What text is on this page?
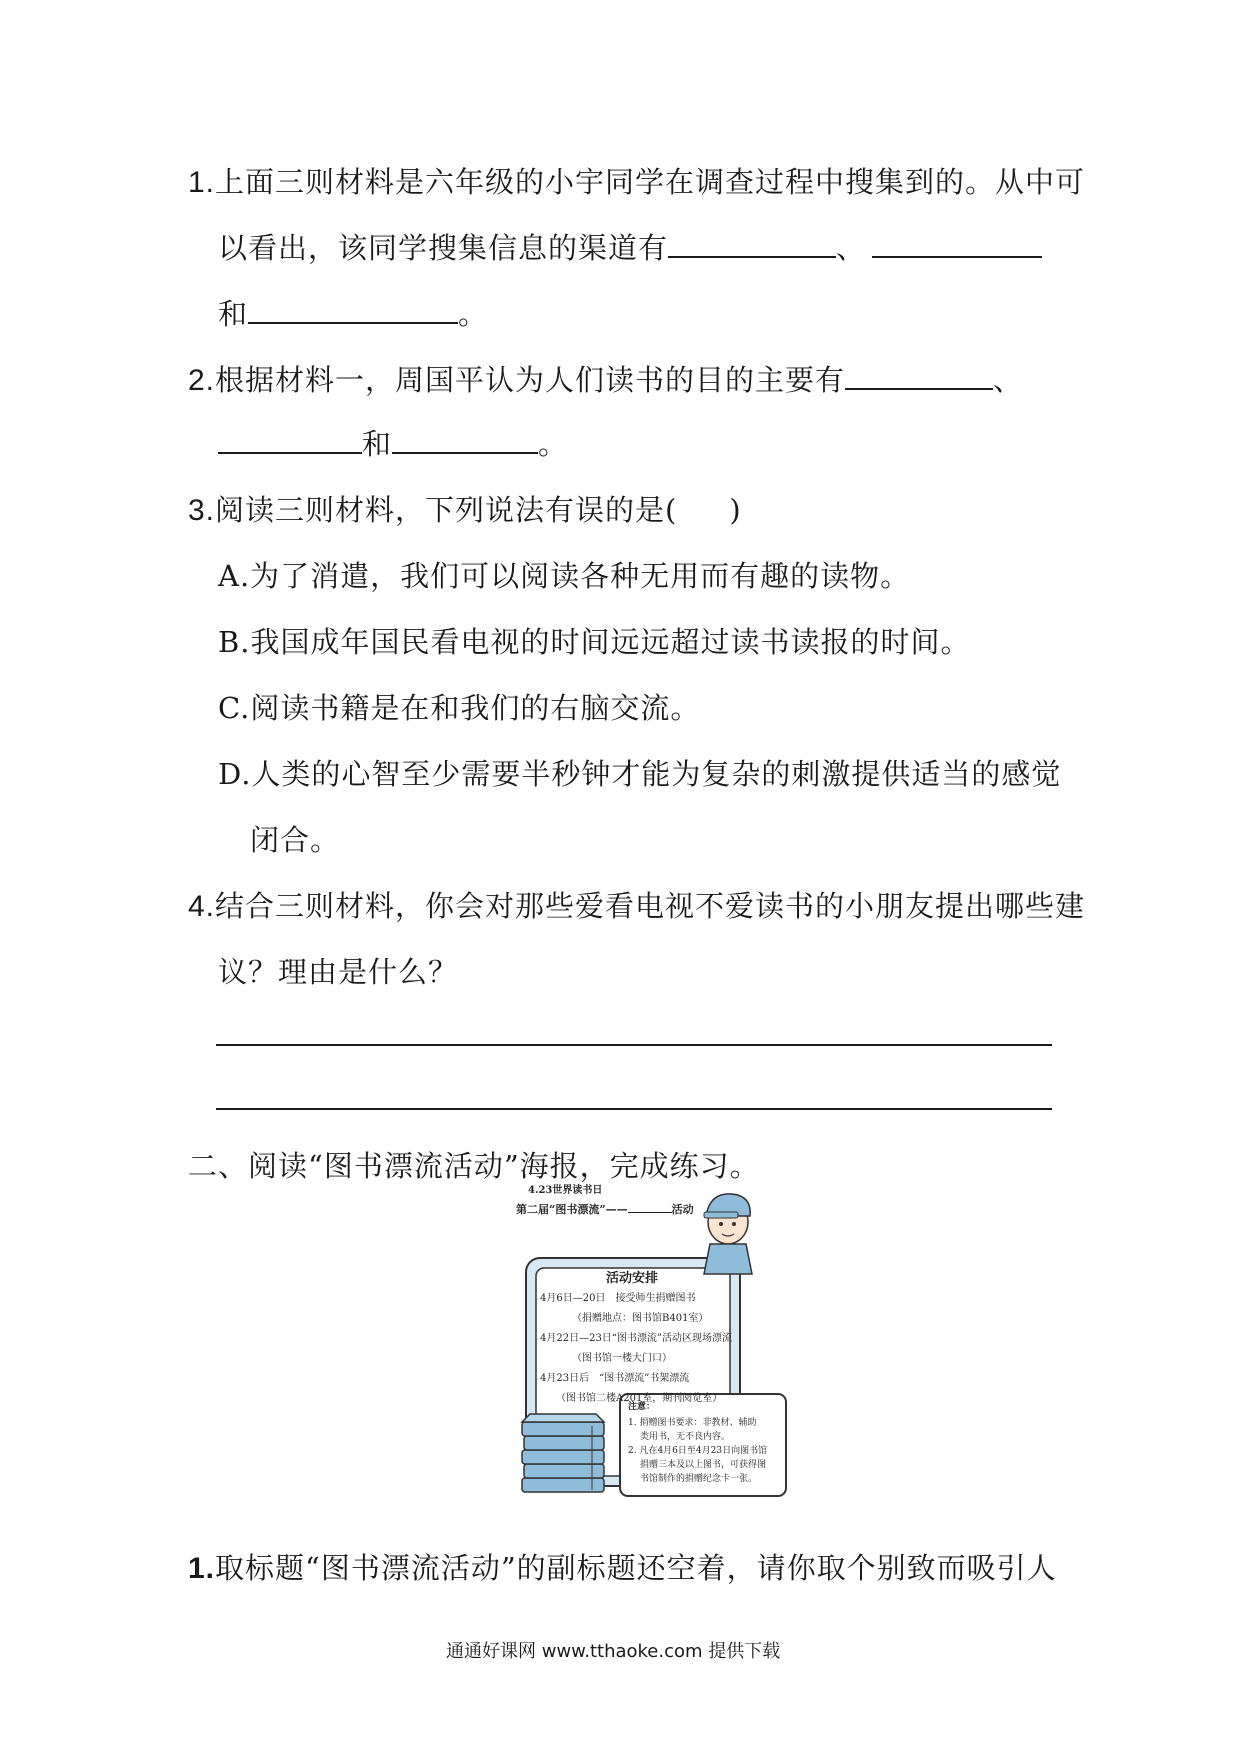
1.上面三则材料是六年级的小宇同学在调查过程中搜集到的。从中可
以看出，该同学搜集信息的渠道有	、
和	。
2.根据材料一，周国平认为人们读书的目的主要有	、
和	。
3.阅读三则材料，下列说法有误的是( )
A.为了消遣，我们可以阅读各种无用而有趣的读物。
B.我国成年国民看电视的时间远远超过读书读报的时间。
C.阅读书籍是在和我们的右脑交流。
D.人类的心智至少需要半秒钟才能为复杂的刺激提供适当的感觉
闭合。
4.结合三则材料，你会对那些爱看电视不爱读书的小朋友提出哪些建
议？理由是什么？
二、阅读“图书漂流活动”海报，完成练习。
4.23世界读书日
第二届“图书漂流”——	活动
活动安排
4月6日—20日　接受师生捐赠图书
（捐赠地点：图书馆B401室）
4月22日—23日“图书漂流”活动区现场漂流
（图书馆一楼大门口）
4月23日后　“图书漂流”书架漂流
（图书馆二楼A201室，期刊阅览室）
注意：
1. 捐赠图书要求：非教材、辅助
类用书，无不良内容。
2. 凡在4月6日至4月23日向图书馆
捐赠三本及以上图书，可获得图
书馆制作的捐赠纪念卡一张。
1.取标题“图书漂流活动”的副标题还空着，请你取个别致而吸引人
通通好课网 www.tthaoke.com 提供下载
